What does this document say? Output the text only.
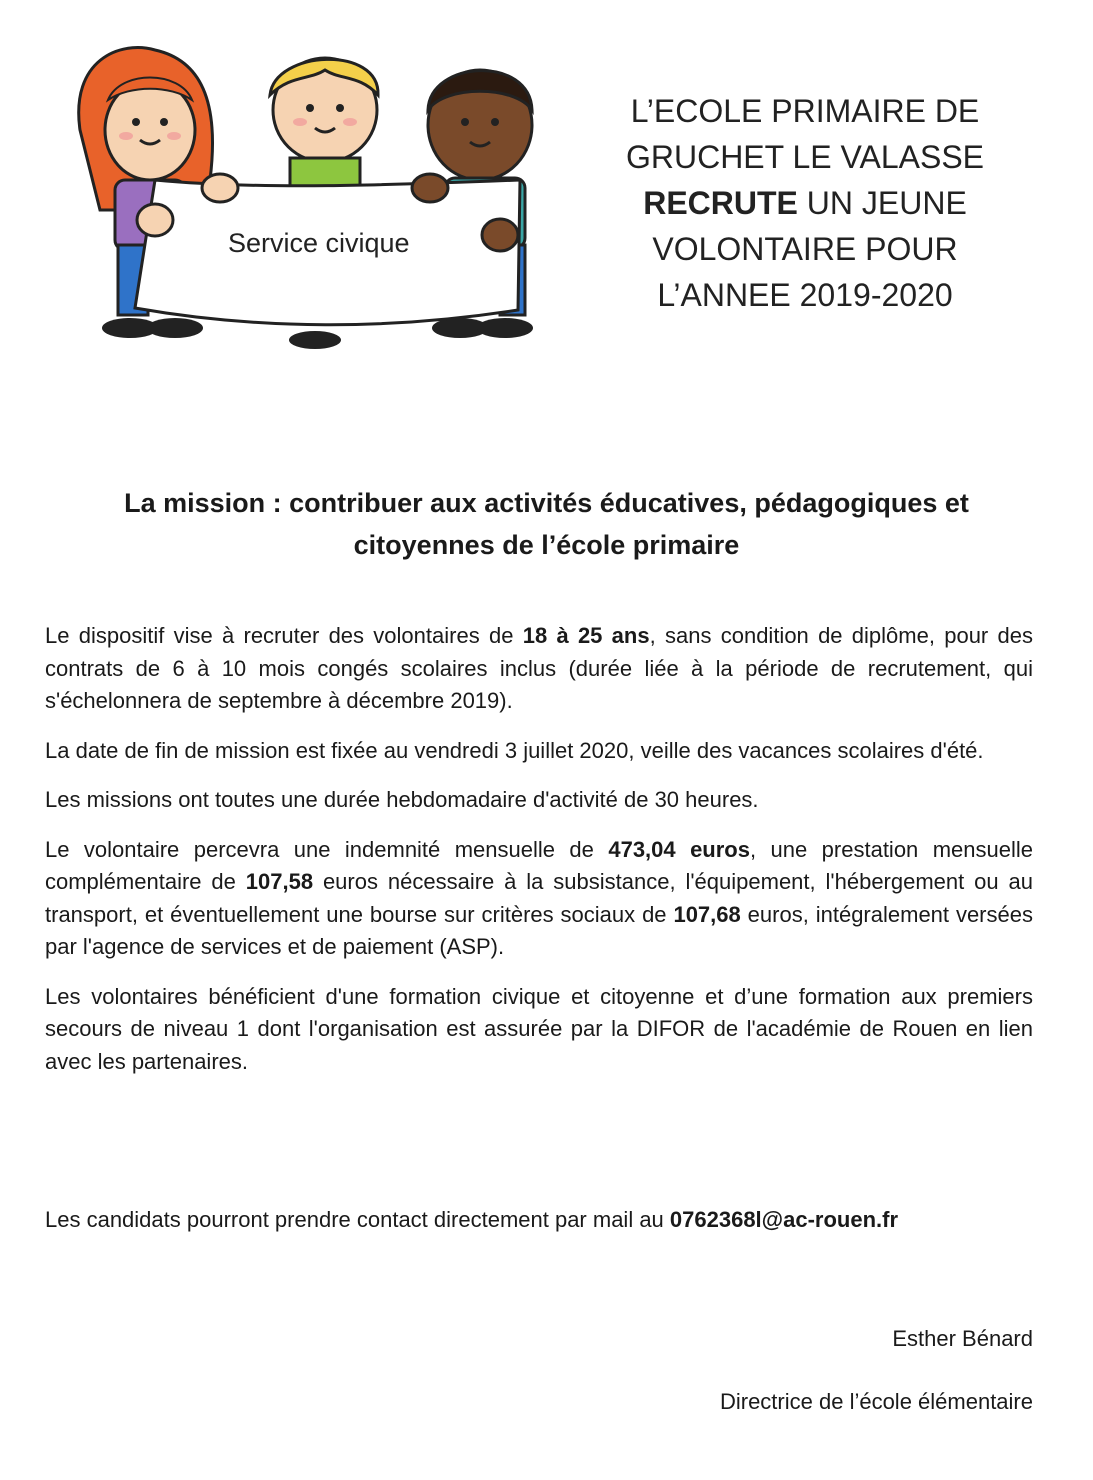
Service civique
L’ECOLE PRIMAIRE DE
GRUCHET LE VALASSE
RECRUTE UN JEUNE
VOLONTAIRE POUR
L’ANNEE 2019-2020
La mission : contribuer aux activités éducatives, pédagogiques et
citoyennes de l’école primaire

Le dispositif vise à recruter des volontaires de 18 à 25 ans, sans condition de diplôme, pour des contrats de 6 à 10 mois congés scolaires inclus (durée liée à la période de recrutement, qui s'échelonnera de septembre à décembre 2019).

La date de fin de mission est fixée au vendredi 3 juillet 2020, veille des vacances scolaires d'été.

Les missions ont toutes une durée hebdomadaire d'activité de 30 heures.

Le volontaire percevra une indemnité mensuelle de 473,04 euros, une prestation mensuelle complémentaire de 107,58 euros nécessaire à la subsistance, l'équipement, l'hébergement ou au transport, et éventuellement une bourse sur critères sociaux de 107,68 euros, intégralement versées par l'agence de services et de paiement (ASP).

Les volontaires bénéficient d'une formation civique et citoyenne et d’une formation aux premiers secours de niveau 1 dont l'organisation est assurée par la DIFOR de l'académie de Rouen en lien avec les partenaires.

Les candidats pourront prendre contact directement par mail au 0762368l@ac-rouen.fr
Esther Bénard
Directrice de l’école élémentaire
